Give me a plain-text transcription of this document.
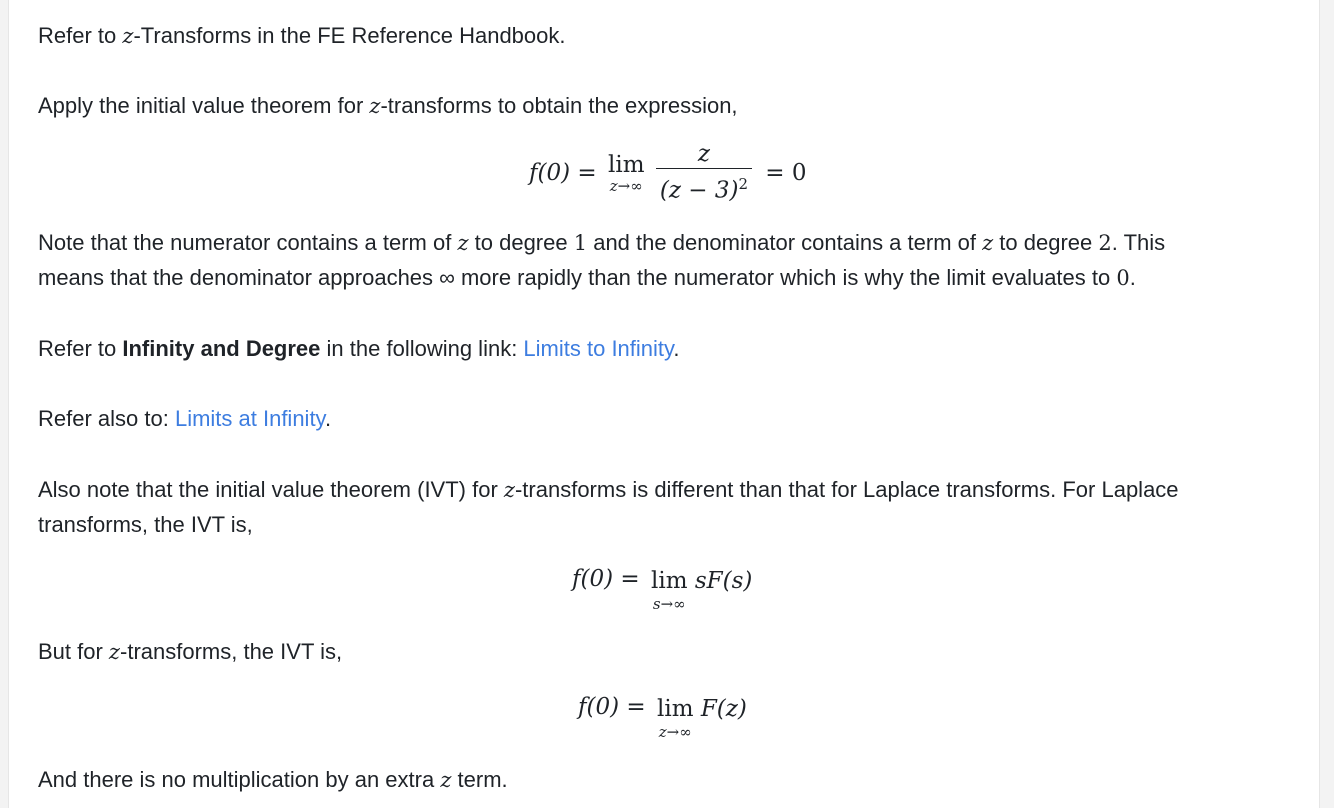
Refer to z-Transforms in the FE Reference Handbook.

Apply the initial value theorem for z-transforms to obtain the expression,

f(0) = lim
z→∞
$\frac{z}{(z - 3)^2} = 0$

Note that the numerator contains a term of z to degree 1 and the denominator contains a term of z to degree 2. This

means that the denominator approaches ∞ more rapidly than the numerator which is why the limit evaluates to 0.

Refer to Infinity and Degree in the following link: Limits to Infinity.

Refer also to: Limits at Infinity.

Also note that the initial value theorem (IVT) for z-transforms is different than that for Laplace transforms. For Laplace

transforms, the IVT is,

f(0) = lim
s→∞
sF(s)

But for z-transforms, the IVT is,

f(0) = lim
z→∞
F(z)

And there is no multiplication by an extra z term.
